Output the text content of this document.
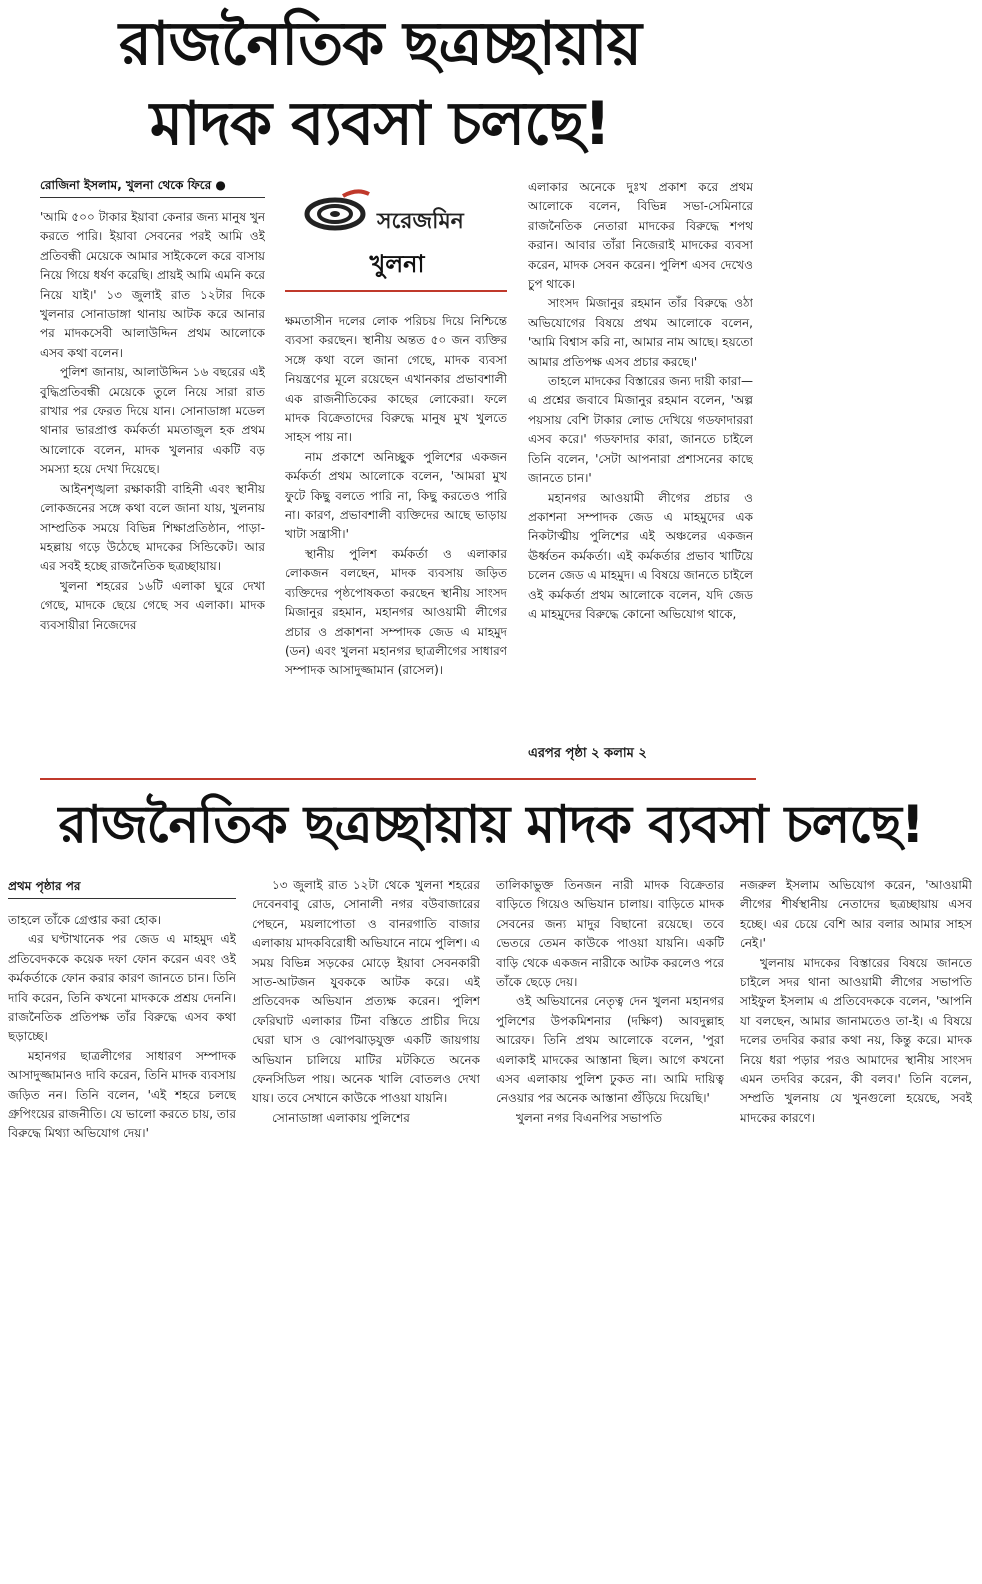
রাজনৈতিক ছত্রচ্ছায়ায়
মাদক ব্যবসা চলছে!
রোজিনা ইসলাম, খুলনা থেকে ফিরে ●

'আমি ৫০০ টাকার ইয়াবা কেনার জন্য মানুষ খুন করতে পারি। ইয়াবা সেবনের পরই আমি ওই প্রতিবন্ধী মেয়েকে আমার সাইকেলে করে বাসায় নিয়ে গিয়ে ধর্ষণ করেছি। প্রায়ই আমি এমনি করে নিয়ে যাই।' ১৩ জুলাই রাত ১২টার দিকে খুলনার সোনাডাঙ্গা থানায় আটক করে আনার পর মাদকসেবী আলাউদ্দিন প্রথম আলোকে এসব কথা বলেন।

পুলিশ জানায়, আলাউদ্দিন ১৬ বছরের এই বুদ্ধিপ্রতিবন্ধী মেয়েকে তুলে নিয়ে সারা রাত রাখার পর ফেরত দিয়ে যান। সোনাডাঙ্গা মডেল থানার ভারপ্রাপ্ত কর্মকর্তা মমতাজুল হক প্রথম আলোকে বলেন, মাদক খুলনার একটি বড় সমস্যা হয়ে দেখা দিয়েছে।

আইনশৃঙ্খলা রক্ষাকারী বাহিনী এবং স্থানীয় লোকজনের সঙ্গে কথা বলে জানা যায়, খুলনায় সাম্প্রতিক সময়ে বিভিন্ন শিক্ষাপ্রতিষ্ঠান, পাড়া-মহল্লায় গড়ে উঠেছে মাদকের সিন্ডিকেট। আর এর সবই হচ্ছে রাজনৈতিক ছত্রচ্ছায়ায়।

খুলনা শহরের ১৬টি এলাকা ঘুরে দেখা গেছে, মাদকে ছেয়ে গেছে সব এলাকা। মাদক ব্যবসায়ীরা নিজেদের

সরেজমিন
খুলনা

ক্ষমতাসীন দলের লোক পরিচয় দিয়ে নিশ্চিন্তে ব্যবসা করছেন। স্থানীয় অন্তত ৫০ জন ব্যক্তির সঙ্গে কথা বলে জানা গেছে, মাদক ব্যবসা নিয়ন্ত্রণের মূলে রয়েছেন এখানকার প্রভাবশালী এক রাজনীতিকের কাছের লোকেরা। ফলে মাদক বিক্রেতাদের বিরুদ্ধে মানুষ মুখ খুলতে সাহস পায় না।

নাম প্রকাশে অনিচ্ছুক পুলিশের একজন কর্মকর্তা প্রথম আলোকে বলেন, 'আমরা মুখ ফুটে কিছু বলতে পারি না, কিছু করতেও পারি না। কারণ, প্রভাবশালী ব্যক্তিদের আছে ভাড়ায় খাটা সন্ত্রাসী।'

স্থানীয় পুলিশ কর্মকর্তা ও এলাকার লোকজন বলছেন, মাদক ব্যবসায় জড়িত ব্যক্তিদের পৃষ্ঠপোষকতা করছেন স্থানীয় সাংসদ মিজানুর রহমান, মহানগর আওয়ামী লীগের প্রচার ও প্রকাশনা সম্পাদক জেড এ মাহমুদ (ডন) এবং খুলনা মহানগর ছাত্রলীগের সাধারণ সম্পাদক আসাদুজ্জামান (রাসেল)।

এলাকার অনেকে দুঃখ প্রকাশ করে প্রথম আলোকে বলেন, বিভিন্ন সভা-সেমিনারে রাজনৈতিক নেতারা মাদকের বিরুদ্ধে শপথ করান। আবার তাঁরা নিজেরাই মাদকের ব্যবসা করেন, মাদক সেবন করেন। পুলিশ এসব দেখেও চুপ থাকে।

সাংসদ মিজানুর রহমান তাঁর বিরুদ্ধে ওঠা অভিযোগের বিষয়ে প্রথম আলোকে বলেন, 'আমি বিশ্বাস করি না, আমার নাম আছে। হয়তো আমার প্রতিপক্ষ এসব প্রচার করছে।'

তাহলে মাদকের বিস্তারের জন্য দায়ী কারা—এ প্রশ্নের জবাবে মিজানুর রহমান বলেন, 'অল্প পয়সায় বেশি টাকার লোভ দেখিয়ে গডফাদাররা এসব করে।' গডফাদার কারা, জানতে চাইলে তিনি বলেন, 'সেটা আপনারা প্রশাসনের কাছে জানতে চান।'

মহানগর আওয়ামী লীগের প্রচার ও প্রকাশনা সম্পাদক জেড এ মাহমুদের এক নিকটাত্মীয় পুলিশের এই অঞ্চলের একজন ঊর্ধ্বতন কর্মকর্তা। এই কর্মকর্তার প্রভাব খাটিয়ে চলেন জেড এ মাহমুদ। এ বিষয়ে জানতে চাইলে ওই কর্মকর্তা প্রথম আলোকে বলেন, যদি জেড এ মাহমুদের বিরুদ্ধে কোনো অভিযোগ থাকে,

এরপর পৃষ্ঠা ২ কলাম ২
রাজনৈতিক ছত্রচ্ছায়ায় মাদক ব্যবসা চলছে!
প্রথম পৃষ্ঠার পর

তাহলে তাঁকে গ্রেপ্তার করা হোক।

এর ঘণ্টাখানেক পর জেড এ মাহমুদ এই প্রতিবেদককে কয়েক দফা ফোন করেন এবং ওই কর্মকর্তাকে ফোন করার কারণ জানতে চান। তিনি দাবি করেন, তিনি কখনো মাদককে প্রশ্রয় দেননি। রাজনৈতিক প্রতিপক্ষ তাঁর বিরুদ্ধে এসব কথা ছড়াচ্ছে।

মহানগর ছাত্রলীগের সাধারণ সম্পাদক আসাদুজ্জামানও দাবি করেন, তিনি মাদক ব্যবসায় জড়িত নন। তিনি বলেন, 'এই শহরে চলছে গ্রুপিংয়ের রাজনীতি। যে ভালো করতে চায়, তার বিরুদ্ধে মিথ্যা অভিযোগ দেয়।'

১৩ জুলাই রাত ১২টা থেকে খুলনা শহরের দেবেনবাবু রোড, সোনালী নগর বউবাজারের পেছনে, ময়লাপোতা ও বানরগাতি বাজার এলাকায় মাদকবিরোধী অভিযানে নামে পুলিশ। এ সময় বিভিন্ন সড়কের মোড়ে ইয়াবা সেবনকারী সাত-আটজন যুবককে আটক করে। এই প্রতিবেদক অভিযান প্রত্যক্ষ করেন। পুলিশ ফেরিঘাট এলাকার টিনা বস্তিতে প্রাচীর দিয়ে ঘেরা ঘাস ও ঝোপঝাড়যুক্ত একটি জায়গায় অভিযান চালিয়ে মাটির মটকিতে অনেক ফেনসিডিল পায়। অনেক খালি বোতলও দেখা যায়। তবে সেখানে কাউকে পাওয়া যায়নি।

সোনাডাঙ্গা এলাকায় পুলিশের

তালিকাভুক্ত তিনজন নারী মাদক বিক্রেতার বাড়িতে গিয়েও অভিযান চালায়। বাড়িতে মাদক সেবনের জন্য মাদুর বিছানো রয়েছে। তবে ভেতরে তেমন কাউকে পাওয়া যায়নি। একটি বাড়ি থেকে একজন নারীকে আটক করলেও পরে তাঁকে ছেড়ে দেয়।

ওই অভিযানের নেতৃত্ব দেন খুলনা মহানগর পুলিশের উপকমিশনার (দক্ষিণ) আবদুল্লাহ আরেফ। তিনি প্রথম আলোকে বলেন, 'পুরা এলাকাই মাদকের আস্তানা ছিল। আগে কখনো এসব এলাকায় পুলিশ ঢুকত না। আমি দায়িত্ব নেওয়ার পর অনেক আস্তানা গুঁড়িয়ে দিয়েছি।'

খুলনা নগর বিএনপির সভাপতি

নজরুল ইসলাম অভিযোগ করেন, 'আওয়ামী লীগের শীর্ষস্থানীয় নেতাদের ছত্রচ্ছায়ায় এসব হচ্ছে। এর চেয়ে বেশি আর বলার আমার সাহস নেই।'

খুলনায় মাদকের বিস্তারের বিষয়ে জানতে চাইলে সদর থানা আওয়ামী লীগের সভাপতি সাইফুল ইসলাম এ প্রতিবেদককে বলেন, 'আপনি যা বলছেন, আমার জানামতেও তা-ই। এ বিষয়ে দলের তদবির করার কথা নয়, কিন্তু করে। মাদক নিয়ে ধরা পড়ার পরও আমাদের স্থানীয় সাংসদ এমন তদবির করেন, কী বলব।' তিনি বলেন, সম্প্রতি খুলনায় যে খুনগুলো হয়েছে, সবই মাদকের কারণে।
